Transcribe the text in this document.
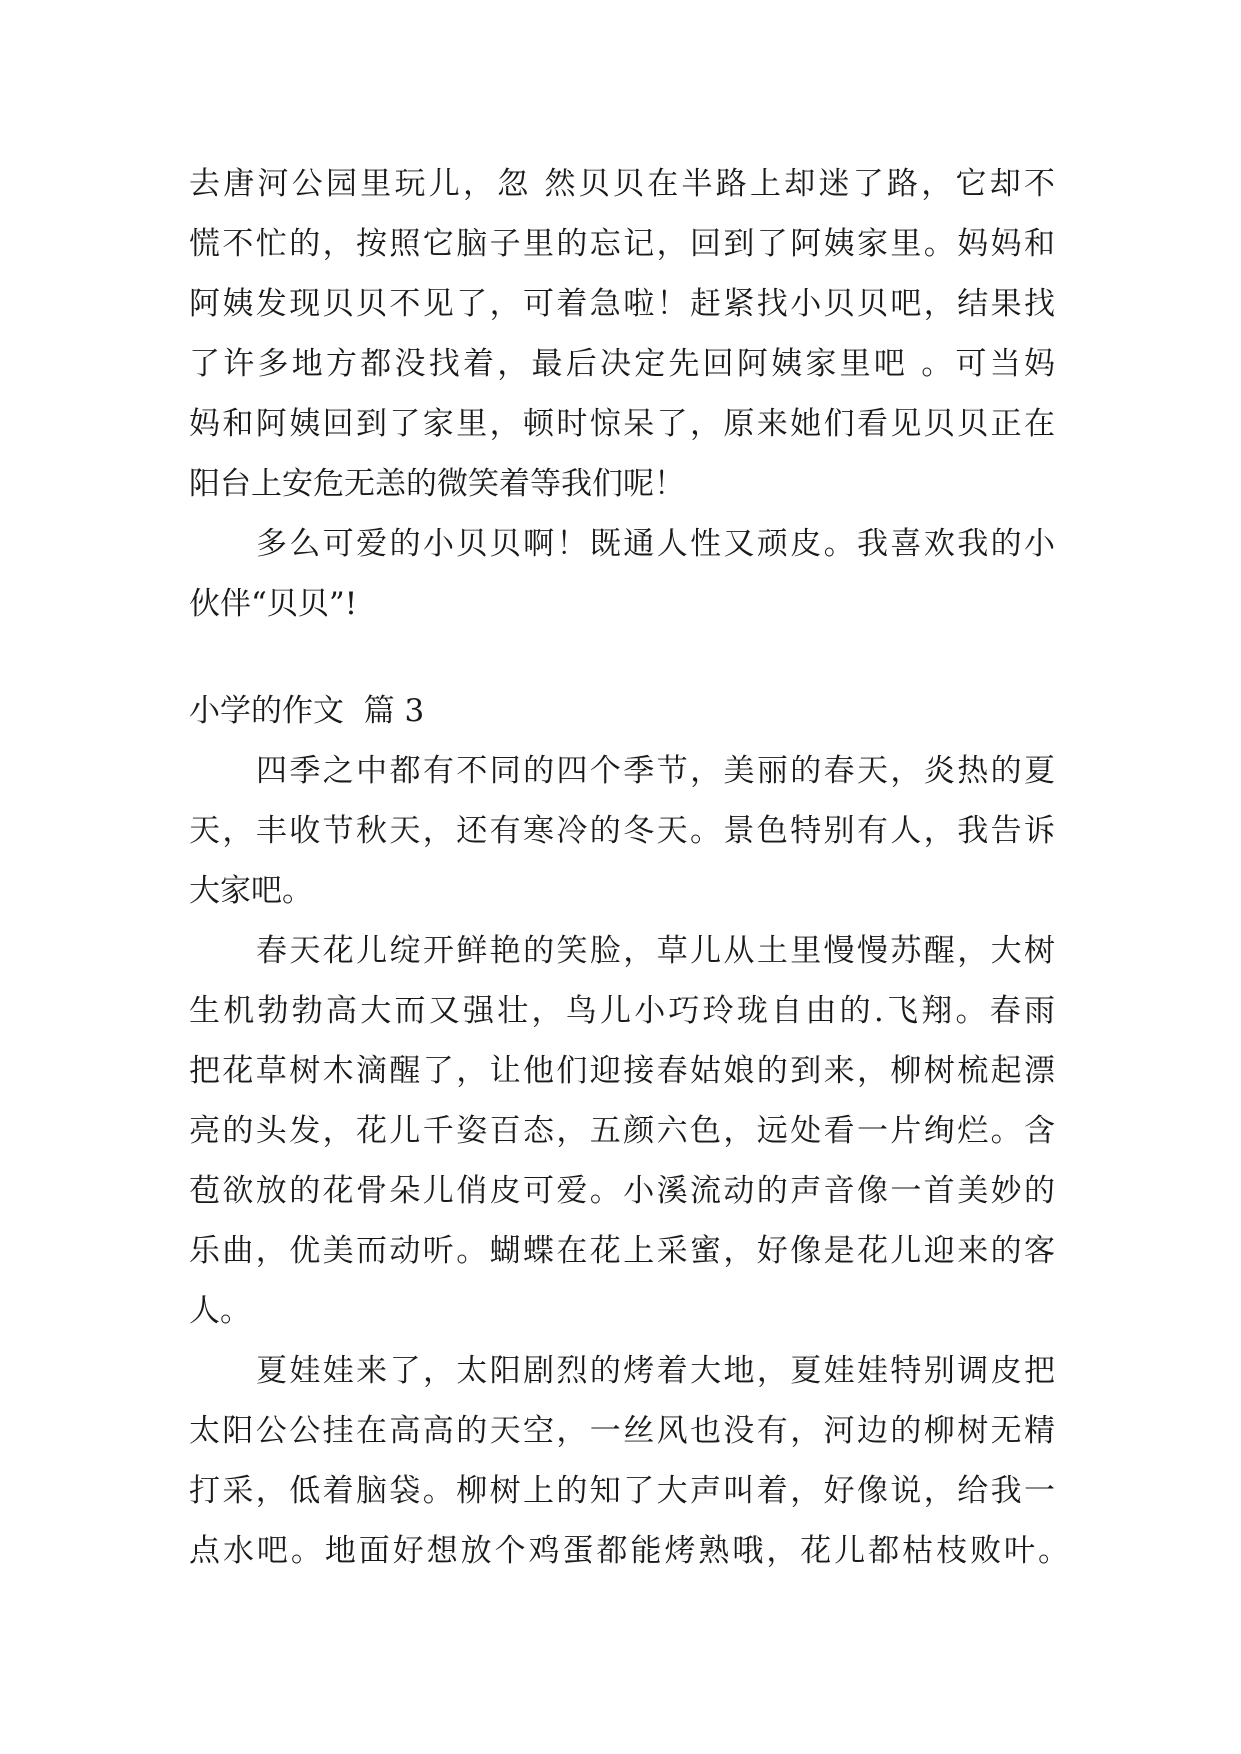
去唐河公园里玩儿，忽 然贝贝在半路上却迷了路，它却不
慌不忙的，按照它脑子里的忘记，回到了阿姨家里。妈妈和
阿姨发现贝贝不见了，可着急啦！赶紧找小贝贝吧，结果找
了许多地方都没找着，最后决定先回阿姨家里吧 。可当妈
妈和阿姨回到了家里，顿时惊呆了，原来她们看见贝贝正在
阳台上安危无恙的微笑着等我们呢！
多么可爱的小贝贝啊！既通人性又顽皮。我喜欢我的小
伙伴“贝贝”!
小学的作文  篇 3
四季之中都有不同的四个季节，美丽的春天，炎热的夏
天，丰收节秋天，还有寒冷的冬天。景色特别有人，我告诉
大家吧。
春天花儿绽开鲜艳的笑脸，草儿从土里慢慢苏醒，大树
生机勃勃高大而又强壮，鸟儿小巧玲珑自由的.飞翔。春雨
把花草树木滴醒了，让他们迎接春姑娘的到来，柳树梳起漂
亮的头发，花儿千姿百态，五颜六色，远处看一片绚烂。含
苞欲放的花骨朵儿俏皮可爱。小溪流动的声音像一首美妙的
乐曲，优美而动听。蝴蝶在花上采蜜，好像是花儿迎来的客
人。
夏娃娃来了，太阳剧烈的烤着大地，夏娃娃特别调皮把
太阳公公挂在高高的天空，一丝风也没有，河边的柳树无精
打采，低着脑袋。柳树上的知了大声叫着，好像说，给我一
点水吧。地面好想放个鸡蛋都能烤熟哦，花儿都枯枝败叶。
